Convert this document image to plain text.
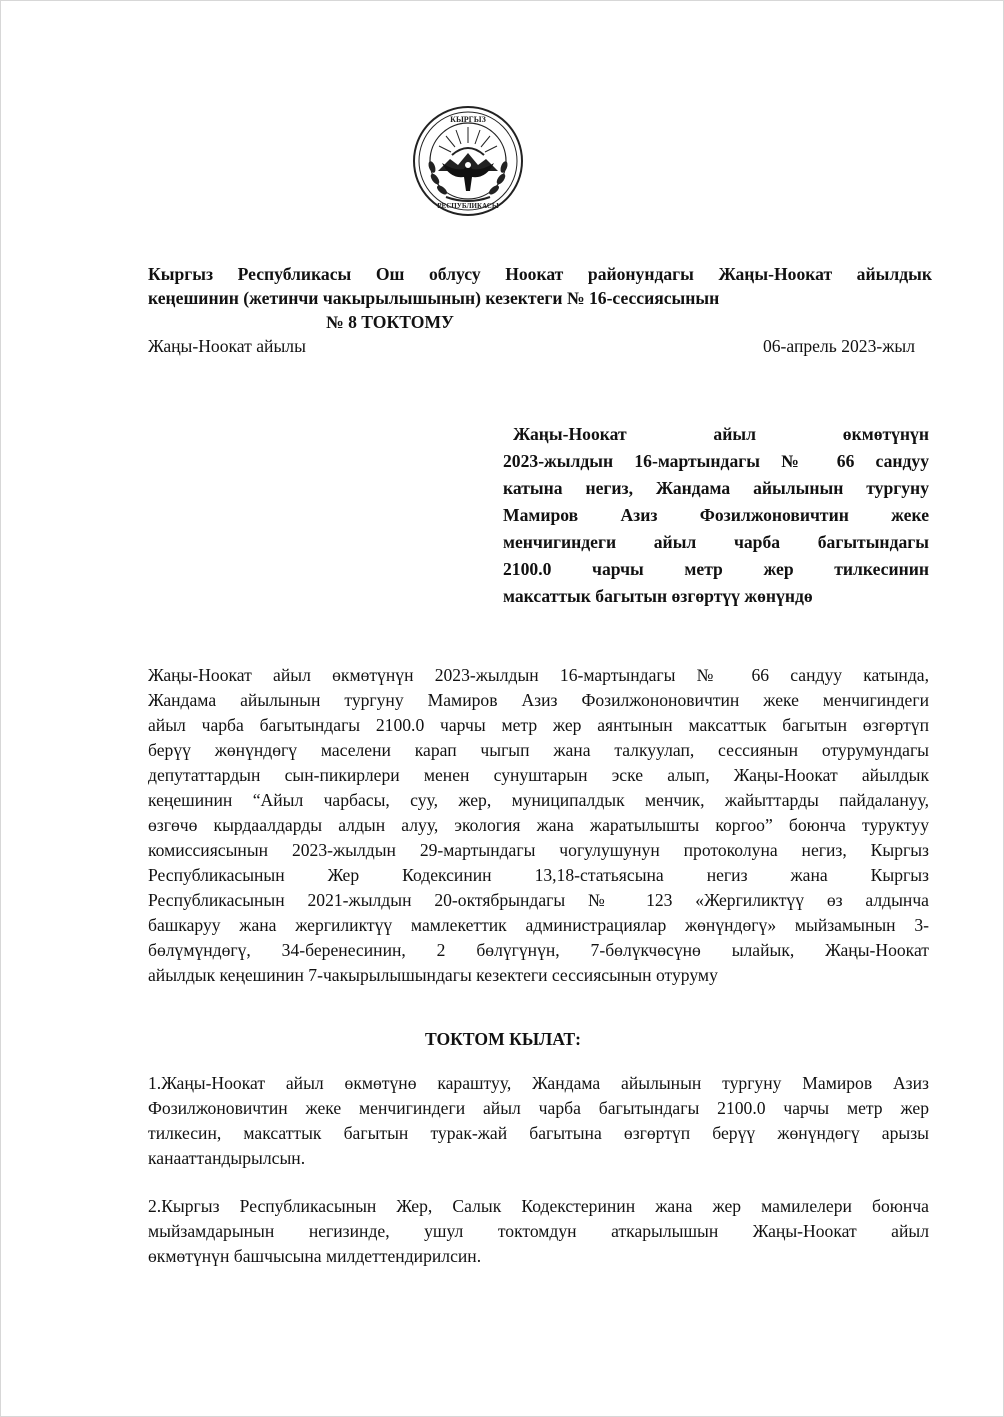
КЫРГЫЗ
РЕСПУБЛИКАСЫ
Кыргыз Республикасы Ош облусу Ноокат районундагы Жаңы-Ноокат айылдык
кеңешинин (жетинчи чакырылышынын) кезектеги № 16-сессиясынын
№ 8 ТОКТОМУ
Жаңы-Ноокат айылы	06-апрель 2023-жыл
Жаңы-Ноокат айыл өкмөтүнүн
2023-жылдын 16-мартындагы № 66 сандуу
катына негиз, Жандама айылынын тургуну
Мамиров Азиз Фозилжоновичтин жеке
менчигиндеги айыл чарба багытындагы
2100.0 чарчы метр жер тилкесинин
максаттык багытын өзгөртүү жөнүндө
Жаңы-Ноокат айыл өкмөтүнүн 2023-жылдын 16-мартындагы № 66 сандуу катында,
Жандама айылынын тургуну Мамиров Азиз Фозилжононовичтин жеке менчигиндеги
айыл чарба багытындагы 2100.0 чарчы метр жер аянтынын максаттык багытын өзгөртүп
берүү жөнүндөгү маселени карап чыгып жана талкуулап, сессиянын отурумундагы
депутаттардын сын-пикирлери менен сунуштарын эске алып, Жаңы-Ноокат айылдык
кеңешинин “Айыл чарбасы, суу, жер, муниципалдык менчик, жайыттарды пайдалануу,
өзгөчө кырдаалдарды алдын алуу, экология жана жаратылышты коргоо” боюнча туруктуу
комиссиясынын 2023-жылдын 29-мартындагы чогулушунун протоколуна негиз, Кыргыз
Республикасынын Жер Кодексинин 13,18-статьясына негиз жана Кыргыз
Республикасынын 2021-жылдын 20-октябрындагы № 123 «Жергиликтүү өз алдынча
башкаруу жана жергиликтүү мамлекеттик администрациялар жөнүндөгү» мыйзамынын 3-
бөлүмүндөгү, 34-беренесинин, 2 бөлүгүнүн, 7-бөлүкчөсүнө ылайык, Жаңы-Ноокат
айылдык кеңешинин 7-чакырылышындагы кезектеги сессиясынын отуруму
ТОКТОМ КЫЛАТ:
1.Жаңы-Ноокат айыл өкмөтүнө караштуу, Жандама айылынын тургуну Мамиров Азиз
Фозилжоновичтин жеке менчигиндеги айыл чарба багытындагы 2100.0 чарчы метр жер
тилкесин, максаттык багытын турак-жай багытына өзгөртүп берүү жөнүндөгү арызы
канааттандырылсын.
2.Кыргыз Республикасынын Жер, Салык Кодекстеринин жана жер мамилелери боюнча
мыйзамдарынын негизинде, ушул токтомдун аткарылышын Жаңы-Ноокат айыл
өкмөтүнүн башчысына милдеттендирилсин.
